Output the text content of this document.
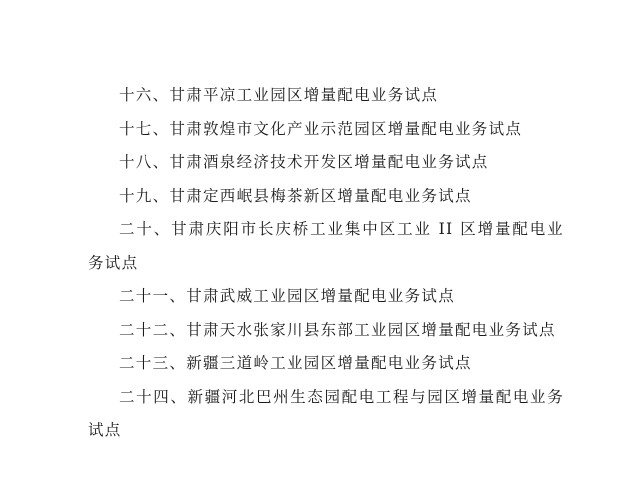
十六、甘肃平凉工业园区增量配电业务试点

十七、甘肃敦煌市文化产业示范园区增量配电业务试点

十八、甘肃酒泉经济技术开发区增量配电业务试点

十九、甘肃定西岷县梅茶新区增量配电业务试点

二十、甘肃庆阳市长庆桥工业集中区工业 II 区增量配电业务试点

二十一、甘肃武威工业园区增量配电业务试点

二十二、甘肃天水张家川县东部工业园区增量配电业务试点

二十三、新疆三道岭工业园区增量配电业务试点

二十四、新疆河北巴州生态园配电工程与园区增量配电业务试点
